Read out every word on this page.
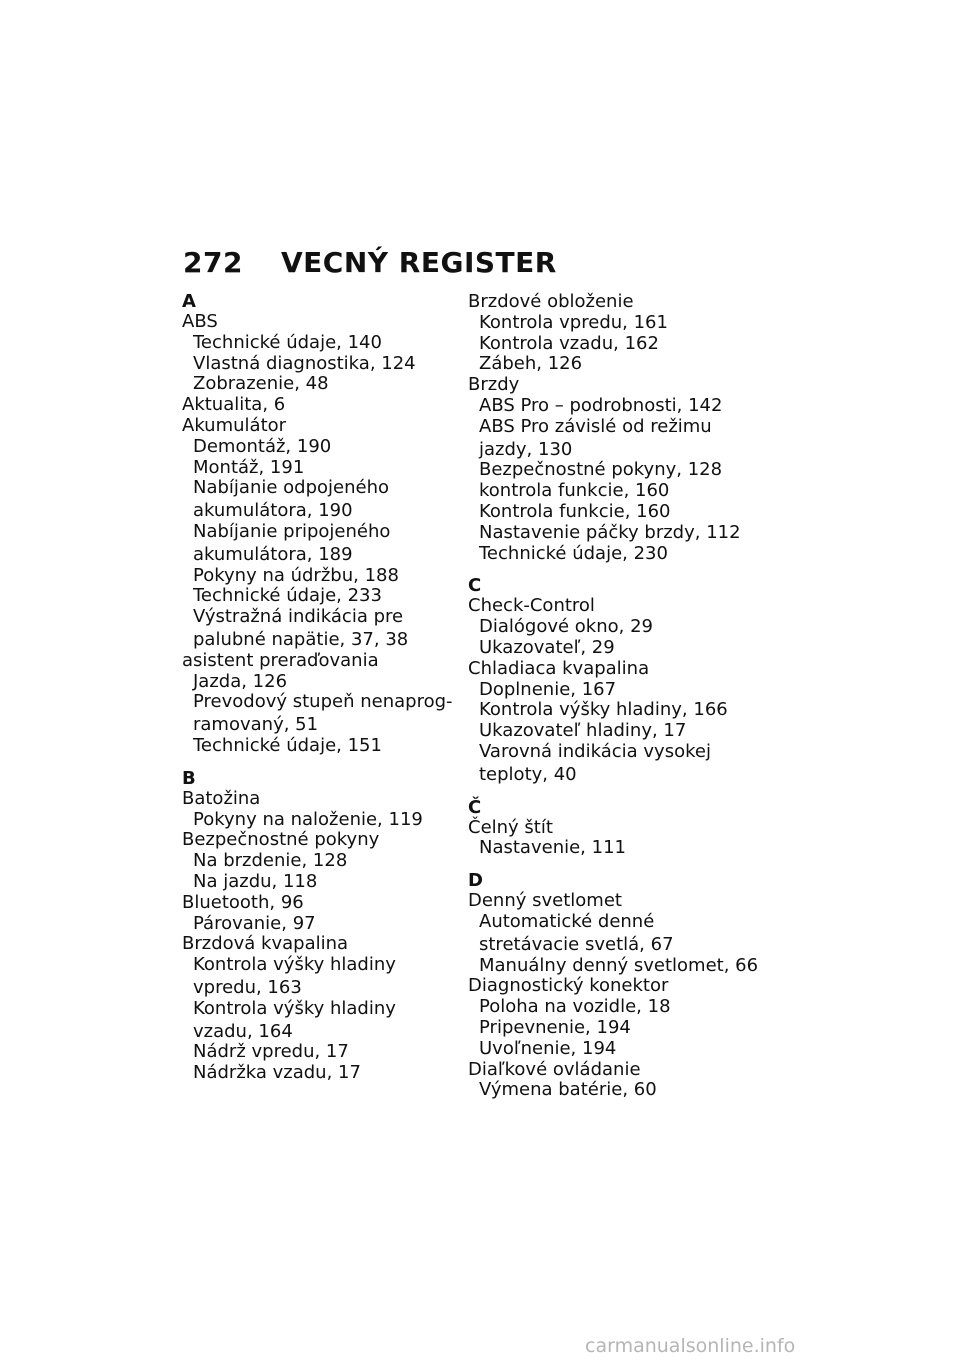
272 VECNÝ REGISTER
A
ABS
Technické údaje, 140
Vlastná diagnostika, 124
Zobrazenie, 48
Aktualita, 6
Akumulátor
Demontáž, 190
Montáž, 191
Nabíjanie odpojeného
akumulátora, 190
Nabíjanie pripojeného
akumulátora, 189
Pokyny na údržbu, 188
Technické údaje, 233
Výstražná indikácia pre
palubné napätie, 37, 38
asistent preraďovania
Jazda, 126
Prevodový stupeň nenaprog-
ramovaný, 51
Technické údaje, 151
B
Batožina
Pokyny na naloženie, 119
Bezpečnostné pokyny
Na brzdenie, 128
Na jazdu, 118
Bluetooth, 96
Párovanie, 97
Brzdová kvapalina
Kontrola výšky hladiny
vpredu, 163
Kontrola výšky hladiny
vzadu, 164
Nádrž vpredu, 17
Nádržka vzadu, 17
Brzdové obloženie
Kontrola vpredu, 161
Kontrola vzadu, 162
Zábeh, 126
Brzdy
ABS Pro – podrobnosti, 142
ABS Pro závislé od režimu
jazdy, 130
Bezpečnostné pokyny, 128
kontrola funkcie, 160
Kontrola funkcie, 160
Nastavenie páčky brzdy, 112
Technické údaje, 230
C
Check-Control
Dialógové okno, 29
Ukazovateľ, 29
Chladiaca kvapalina
Doplnenie, 167
Kontrola výšky hladiny, 166
Ukazovateľ hladiny, 17
Varovná indikácia vysokej
teploty, 40
Č
Čelný štít
Nastavenie, 111
D
Denný svetlomet
Automatické denné
stretávacie svetlá, 67
Manuálny denný svetlomet, 66
Diagnostický konektor
Poloha na vozidle, 18
Pripevnenie, 194
Uvoľnenie, 194
Diaľkové ovládanie
Výmena batérie, 60
carmanualsonline.info
